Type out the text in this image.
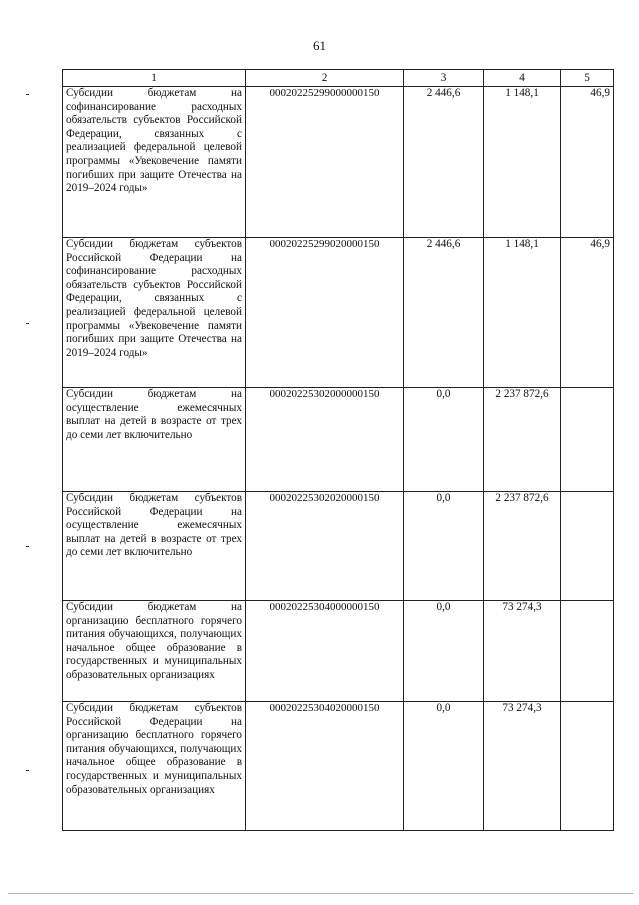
61
1	2	3	4	5
Субсидии бюджетам на софинансирование расходных обязательств субъектов Российской Федерации, связанных с реализацией федеральной целевой программы «Увековечение памяти погибших при защите Отечества на 2019–2024 годы»	00020225299000000150	2 446,6	1 148,1	46,9
Субсидии бюджетам субъектов Российской Федерации на софинансирование расходных обязательств субъектов Российской Федерации, связанных с реализацией федеральной целевой программы «Увековечение памяти погибших при защите Отечества на 2019–2024 годы»	00020225299020000150	2 446,6	1 148,1	46,9
Субсидии бюджетам на осуществление ежемесячных выплат на детей в возрасте от трех до семи лет включительно	00020225302000000150	0,0	2 237 872,6	
Субсидии бюджетам субъектов Российской Федерации на осуществление ежемесячных выплат на детей в возрасте от трех до семи лет включительно	00020225302020000150	0,0	2 237 872,6	
Субсидии бюджетам на организацию бесплатного горячего питания обучающихся, получающих начальное общее образование в государственных и муниципальных образовательных организациях	00020225304000000150	0,0	73 274,3	
Субсидии бюджетам субъектов Российской Федерации на организацию бесплатного горячего питания обучающихся, получающих начальное общее образование в государственных и муниципальных образовательных организациях	00020225304020000150	0,0	73 274,3	
